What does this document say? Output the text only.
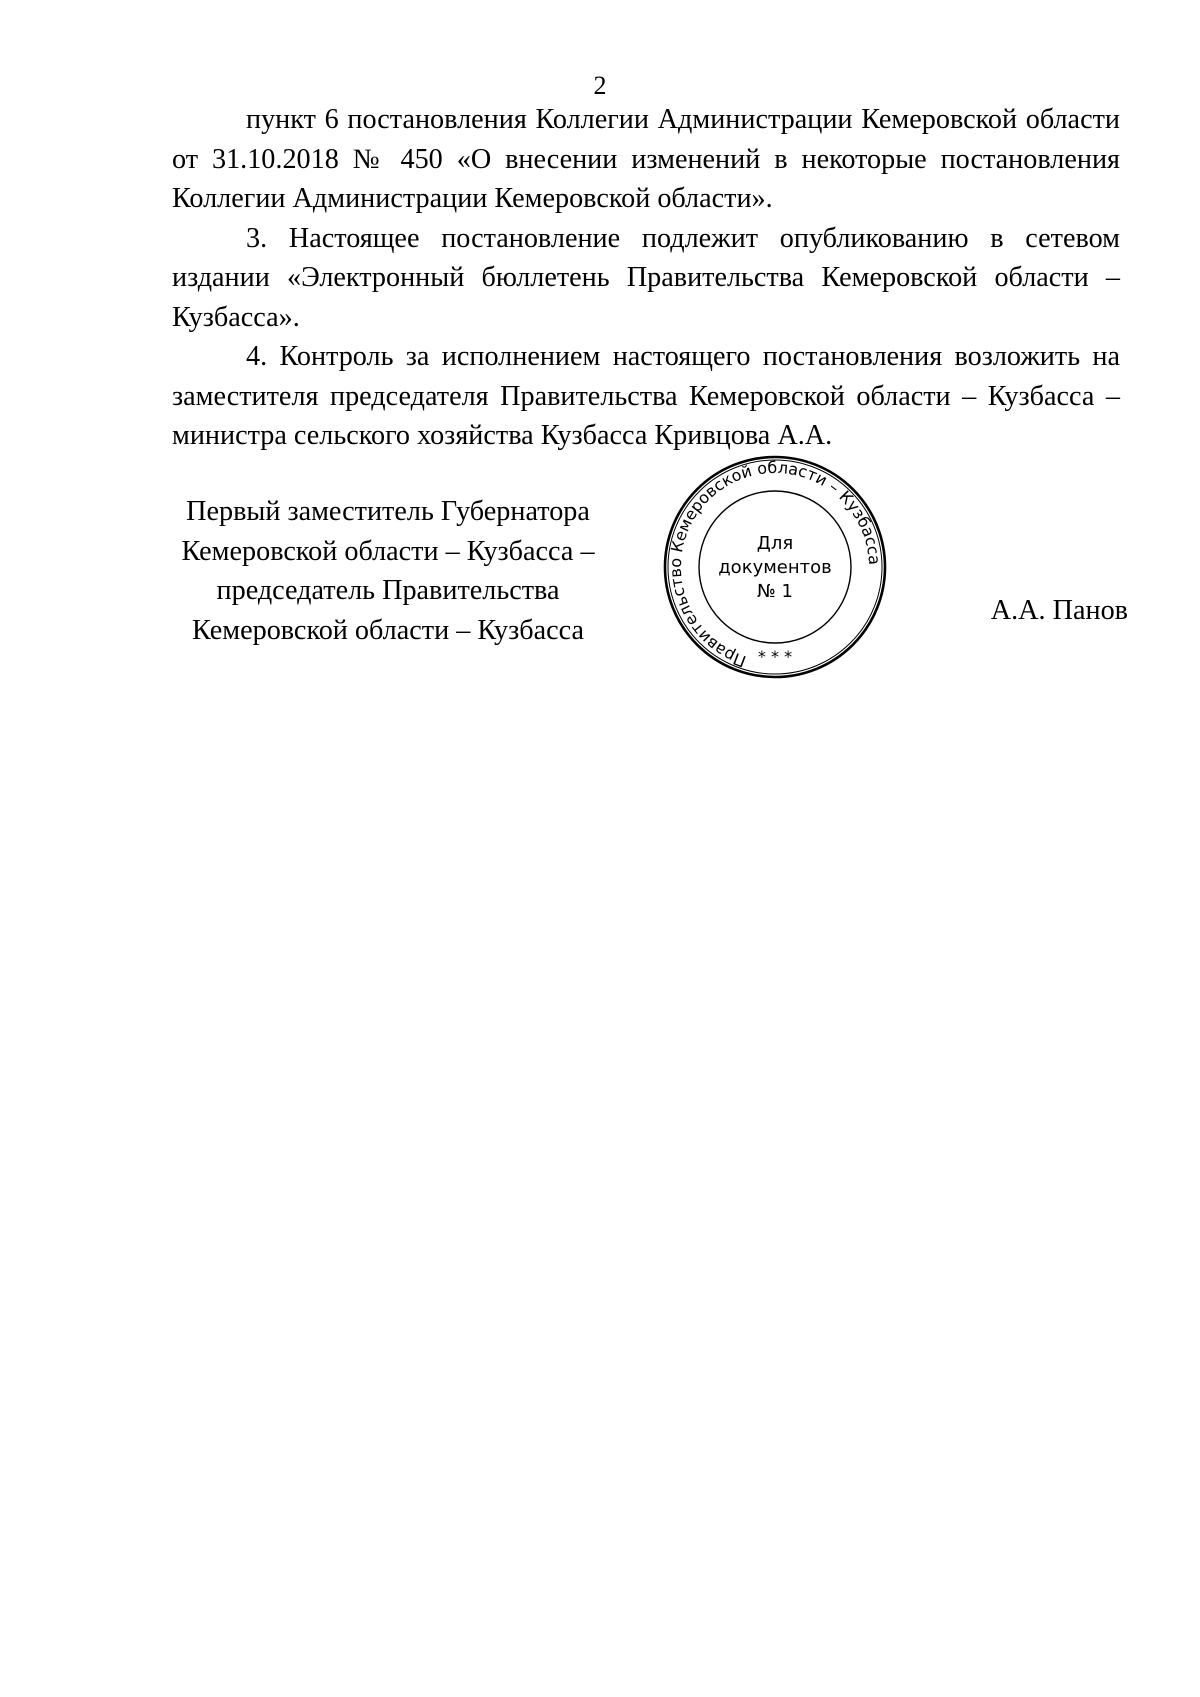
2

пункт 6 постановления Коллегии Администрации Кемеровской области от 31.10.2018 № 450 «О внесении изменений в некоторые постановления Коллегии Администрации Кемеровской области».

3. Настоящее постановление подлежит опубликованию в сетевом издании «Электронный бюллетень Правительства Кемеровской области – Кузбасса».

4. Контроль за исполнением настоящего постановления возложить на заместителя председателя Правительства Кемеровской области – Кузбасса – министра сельского хозяйства Кузбасса Кривцова А.А.

Первый заместитель Губернатора
Кемеровской области – Кузбасса –
председатель Правительства
Кемеровской области – Кузбасса
Правительство Кемеровской области – Кузбасса
* * *
Для
документов
№ 1
А.А. Панов
